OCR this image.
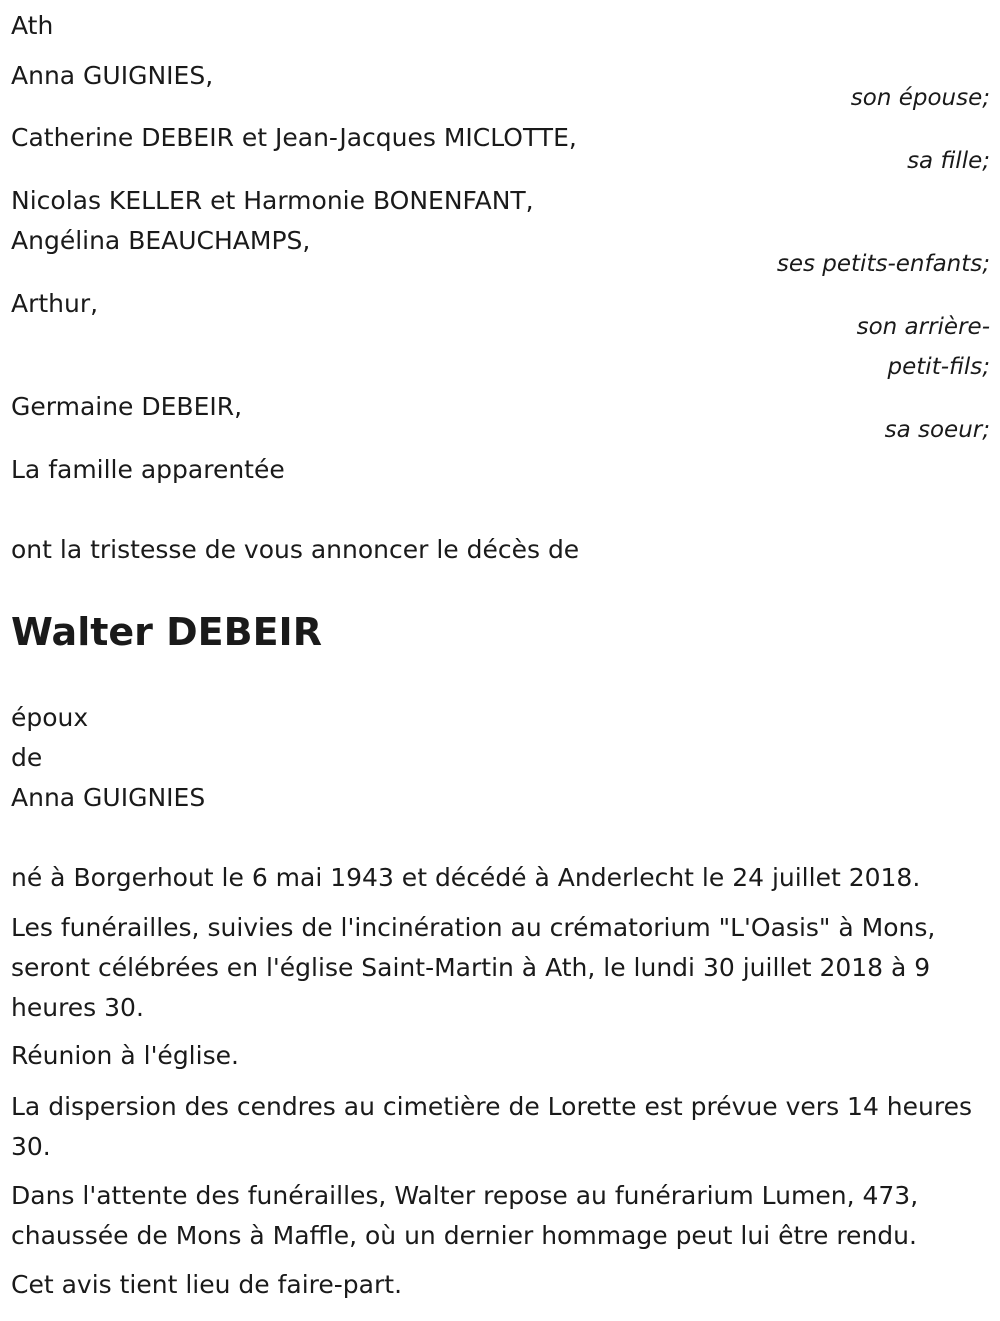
Ath
Anna GUIGNIES,
son épouse;
Catherine DEBEIR et Jean-Jacques MICLOTTE,
sa fille;
Nicolas KELLER et Harmonie BONENFANT,
Angélina BEAUCHAMPS,
ses petits-enfants;
Arthur,
son arrière-
petit-fils;
Germaine DEBEIR,
sa soeur;
La famille apparentée
ont la tristesse de vous annoncer le décès de
Walter DEBEIR
époux
de
Anna GUIGNIES

né à Borgerhout le 6 mai 1943 et décédé à Anderlecht le 24 juillet 2018.

Les funérailles, suivies de l'incinération au crématorium "L'Oasis" à Mons, seront célébrées en l'église Saint-Martin à Ath, le lundi 30 juillet 2018 à 9 heures 30.

Réunion à l'église.

La dispersion des cendres au cimetière de Lorette est prévue vers 14 heures 30.

Dans l'attente des funérailles, Walter repose au funérarium Lumen, 473, chaussée de Mons à Maffle, où un dernier hommage peut lui être rendu.

Cet avis tient lieu de faire-part.
